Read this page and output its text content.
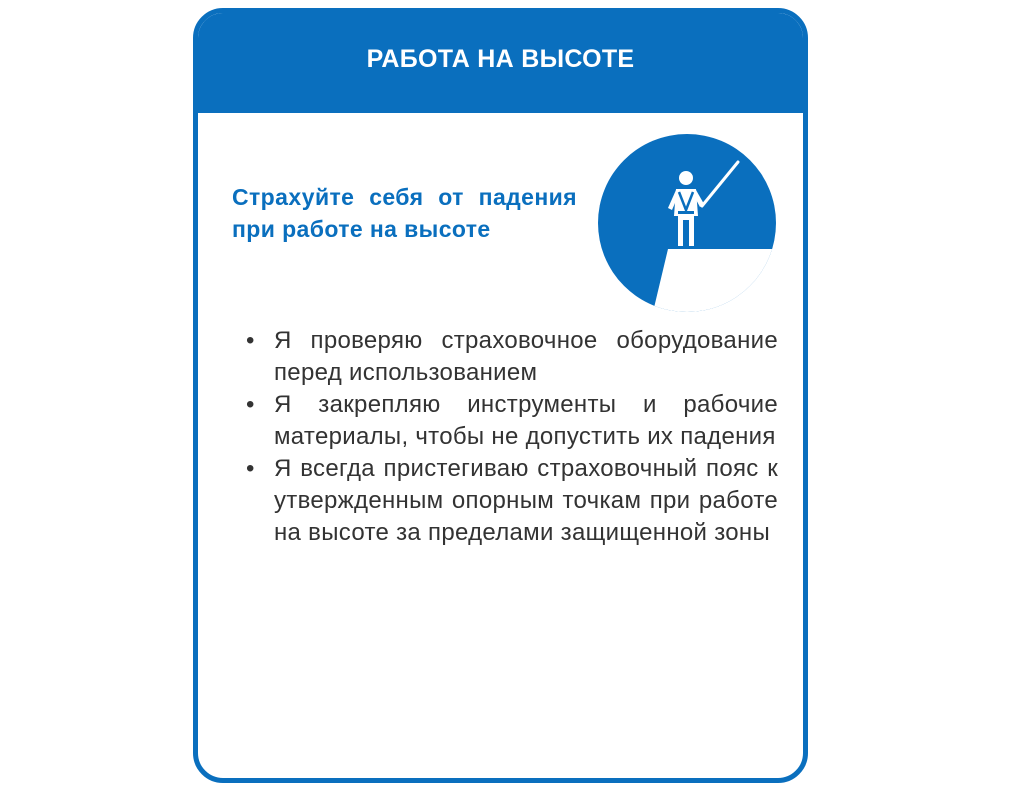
РАБОТА НА ВЫСОТЕ
Страхуйте себя от падения при работе на высоте
• Я проверяю страховочное оборудование перед использованием
• Я закрепляю инструменты и рабочие материалы, чтобы не допустить их падения
• Я всегда пристегиваю страховочный пояс к утвержденным опорным точкам при работе на высоте за пределами защищенной зоны
